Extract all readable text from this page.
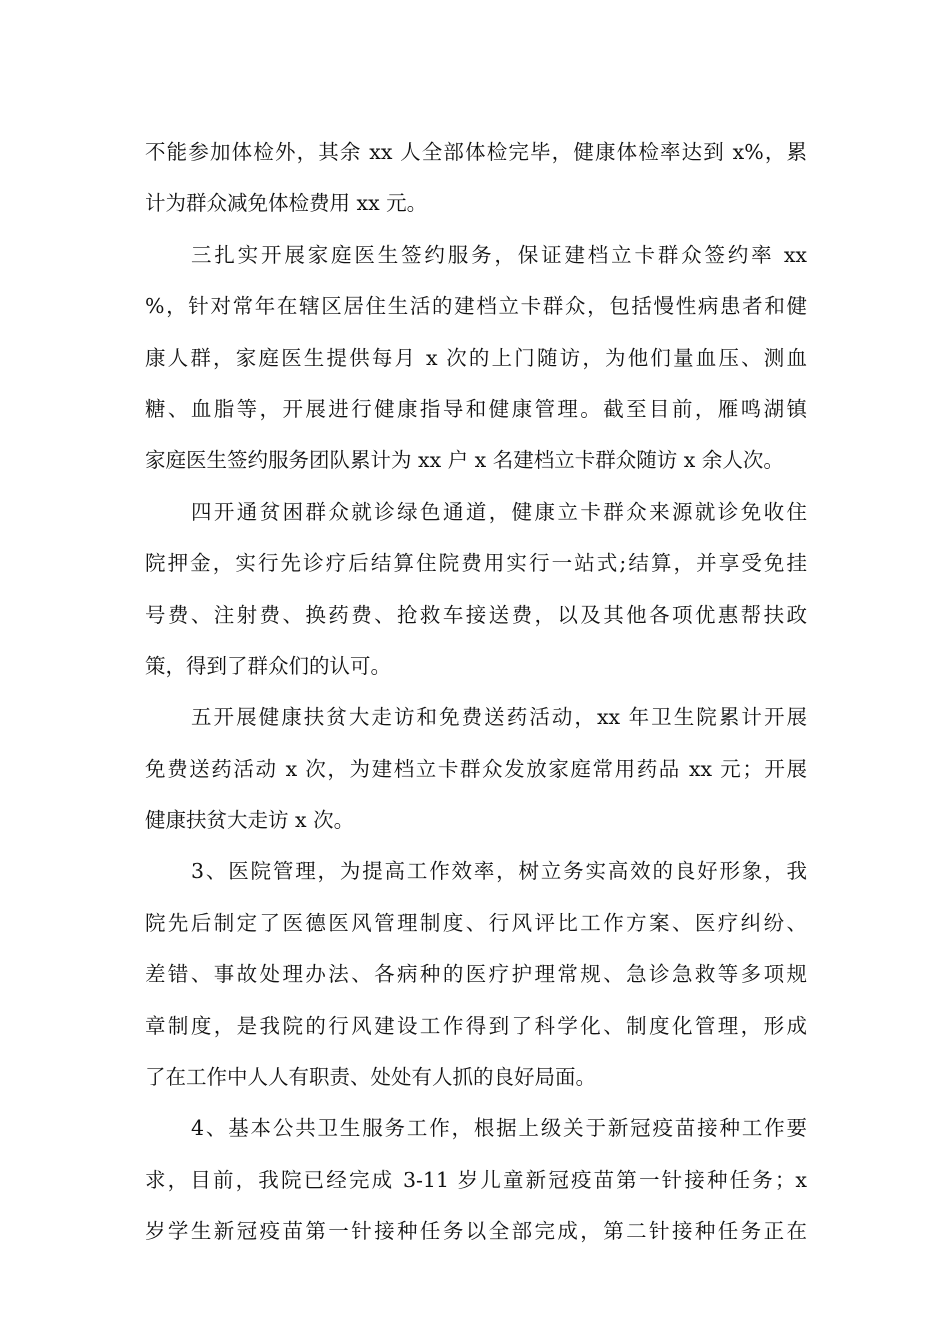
不能参加体检外，其余 xx 人全部体检完毕，健康体检率达到 x%，累
计为群众减免体检费用 xx 元。
三扎实开展家庭医生签约服务，保证建档立卡群众签约率 xx
%，针对常年在辖区居住生活的建档立卡群众，包括慢性病患者和健
康人群，家庭医生提供每月 x 次的上门随访，为他们量血压、测血
糖、血脂等，开展进行健康指导和健康管理。截至目前，雁鸣湖镇
家庭医生签约服务团队累计为 xx 户 x 名建档立卡群众随访 x 余人次。
四开通贫困群众就诊绿色通道，健康立卡群众来源就诊免收住
院押金，实行先诊疗后结算住院费用实行一站式;结算，并享受免挂
号费、注射费、换药费、抢救车接送费，以及其他各项优惠帮扶政
策，得到了群众们的认可。
五开展健康扶贫大走访和免费送药活动，xx 年卫生院累计开展
免费送药活动 x 次，为建档立卡群众发放家庭常用药品 xx 元；开展
健康扶贫大走访 x 次。
3、医院管理，为提高工作效率，树立务实高效的良好形象，我
院先后制定了医德医风管理制度、行风评比工作方案、医疗纠纷、
差错、事故处理办法、各病种的医疗护理常规、急诊急救等多项规
章制度，是我院的行风建设工作得到了科学化、制度化管理，形成
了在工作中人人有职责、处处有人抓的良好局面。
4、基本公共卫生服务工作，根据上级关于新冠疫苗接种工作要
求，目前，我院已经完成 3-11 岁儿童新冠疫苗第一针接种任务；x
岁学生新冠疫苗第一针接种任务以全部完成，第二针接种任务正在
